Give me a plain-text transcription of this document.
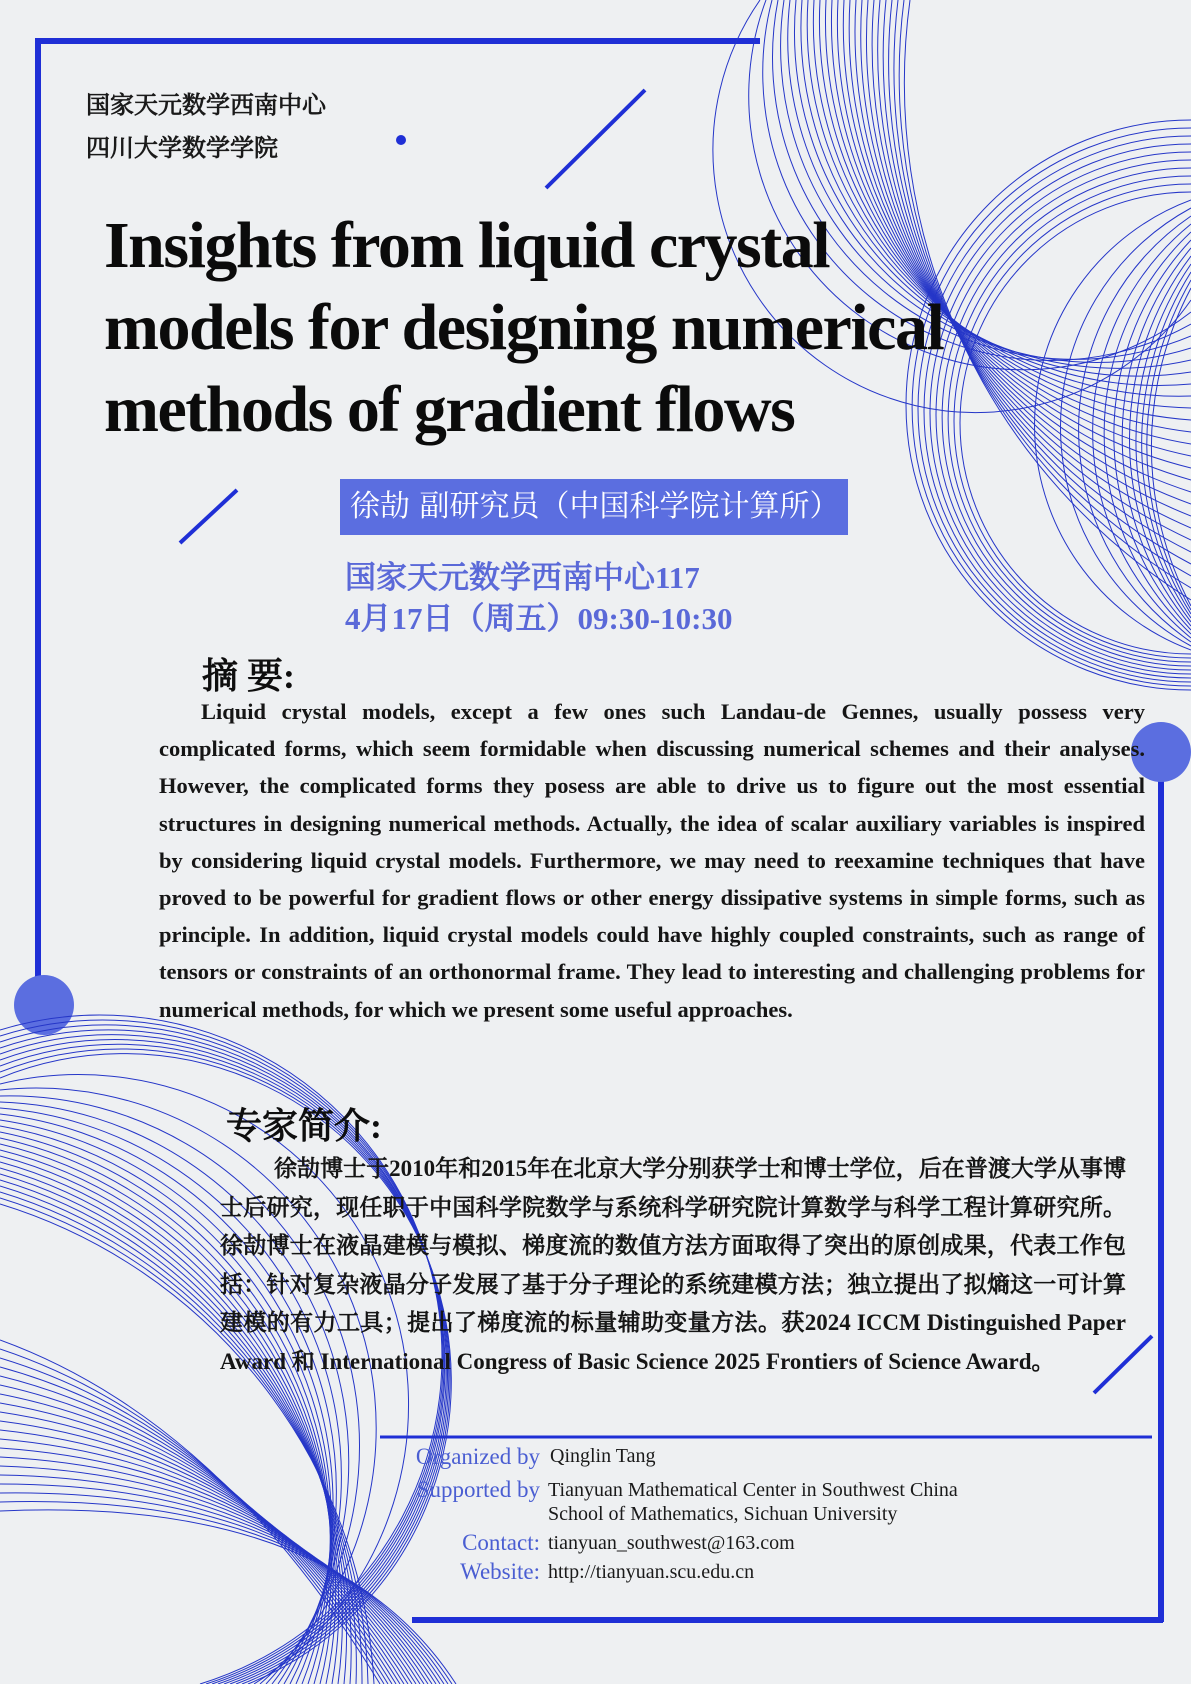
国家天元数学西南中心
四川大学数学学院
Insights from liquid crystal
models for designing numerical
methods of gradient flows
徐劼 副研究员（中国科学院计算所）
国家天元数学西南中心117
4月17日（周五）09:30-10:30
摘 要:
Liquid crystal models, except a few ones such Landau-de Gennes, usually possess very complicated forms, which seem formidable when discussing numerical schemes and their analyses. However, the complicated forms they posess are able to drive us to figure out the most essential structures in designing numerical methods. Actually, the idea of scalar auxiliary variables is inspired by considering liquid crystal models. Furthermore, we may need to reexamine techniques that have proved to be powerful for gradient flows or other energy dissipative systems in simple forms, such as principle. In addition, liquid crystal models could have highly coupled constraints, such as range of tensors or constraints of an orthonormal frame. They lead to interesting and challenging problems for numerical methods, for which we present some useful approaches.
专家简介:
徐劼博士于2010年和2015年在北京大学分别获学士和博士学位，后在普渡大学从事博士后研究，现任职于中国科学院数学与系统科学研究院计算数学与科学工程计算研究所。徐劼博士在液晶建模与模拟、梯度流的数值方法方面取得了突出的原创成果，代表工作包括：针对复杂液晶分子发展了基于分子理论的系统建模方法；独立提出了拟熵这一可计算建模的有力工具；提出了梯度流的标量辅助变量方法。获2024 ICCM Distinguished Paper Award 和 International Congress of Basic Science 2025 Frontiers of Science Award。
Organized by Qinglin Tang
Supported by Tianyuan Mathematical Center in Southwest China
School of Mathematics, Sichuan University
Contact: tianyuan_southwest@163.com
Website: http://tianyuan.scu.edu.cn
